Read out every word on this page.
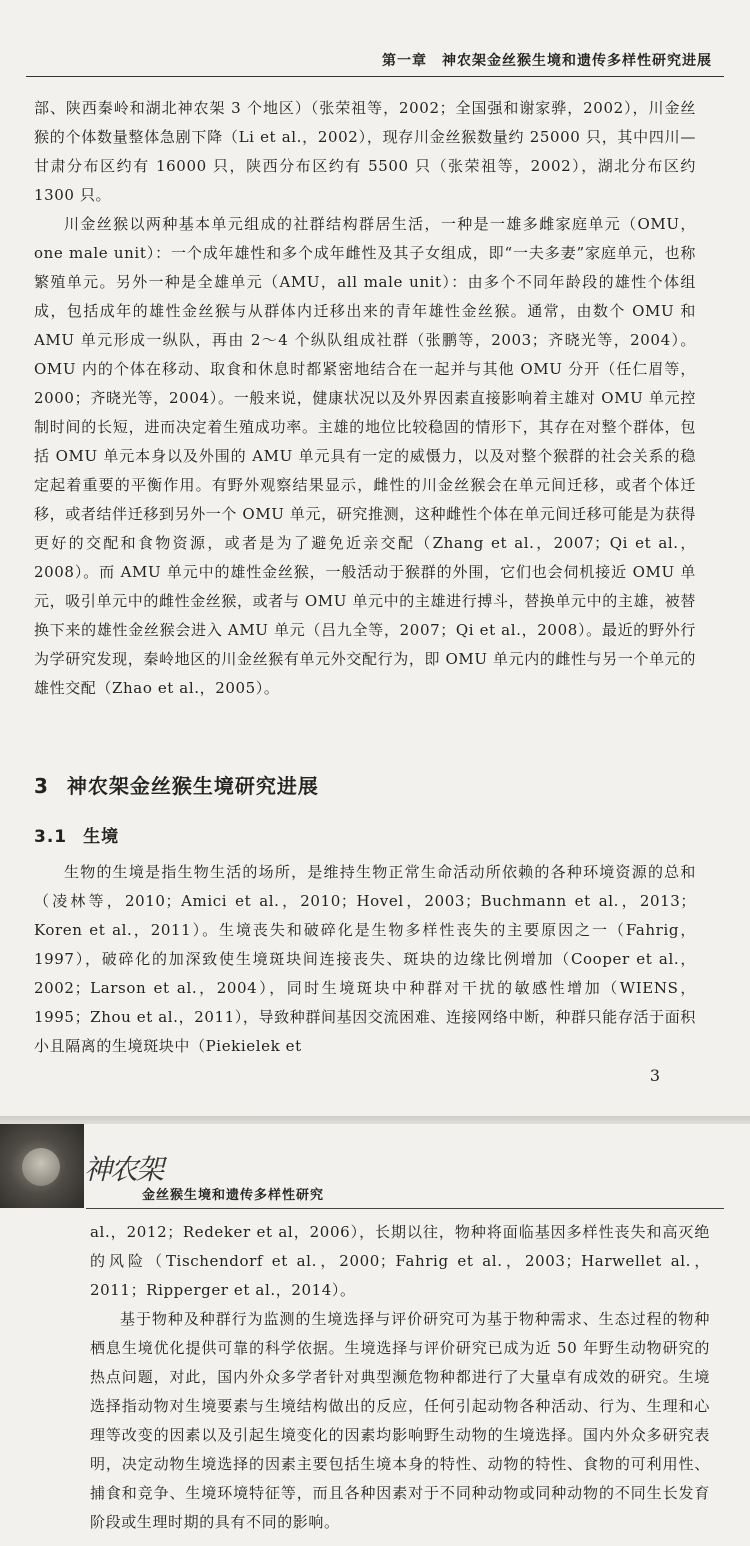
第一章　神农架金丝猴生境和遗传多样性研究进展

部、陕西秦岭和湖北神农架 3 个地区）（张荣祖等，2002；全国强和谢家骅，2002），川金丝猴的个体数量整体急剧下降（Li et al.，2002），现存川金丝猴数量约 25000 只，其中四川—甘肃分布区约有 16000 只，陕西分布区约有 5500 只（张荣祖等，2002），湖北分布区约 1300 只。

川金丝猴以两种基本单元组成的社群结构群居生活，一种是一雄多雌家庭单元（OMU，one male unit）：一个成年雄性和多个成年雌性及其子女组成，即“一夫多妻”家庭单元，也称繁殖单元。另外一种是全雄单元（AMU，all male unit）：由多个不同年龄段的雄性个体组成，包括成年的雄性金丝猴与从群体内迁移出来的青年雄性金丝猴。通常，由数个 OMU 和 AMU 单元形成一纵队，再由 2～4 个纵队组成社群（张鹏等，2003；齐晓光等，2004）。OMU 内的个体在移动、取食和休息时都紧密地结合在一起并与其他 OMU 分开（任仁眉等，2000；齐晓光等，2004）。一般来说，健康状况以及外界因素直接影响着主雄对 OMU 单元控制时间的长短，进而决定着生殖成功率。主雄的地位比较稳固的情形下，其存在对整个群体，包括 OMU 单元本身以及外围的 AMU 单元具有一定的威慑力，以及对整个猴群的社会关系的稳定起着重要的平衡作用。有野外观察结果显示，雌性的川金丝猴会在单元间迁移，或者个体迁移，或者结伴迁移到另外一个 OMU 单元，研究推测，这种雌性个体在单元间迁移可能是为获得更好的交配和食物资源，或者是为了避免近亲交配（Zhang et al.，2007；Qi et al.，2008）。而 AMU 单元中的雄性金丝猴，一般活动于猴群的外围，它们也会伺机接近 OMU 单元，吸引单元中的雌性金丝猴，或者与 OMU 单元中的主雄进行搏斗，替换单元中的主雄，被替换下来的雄性金丝猴会进入 AMU 单元（吕九全等，2007；Qi et al.，2008）。最近的野外行为学研究发现，秦岭地区的川金丝猴有单元外交配行为，即 OMU 单元内的雌性与另一个单元的雄性交配（Zhao et al.，2005）。

3 神农架金丝猴生境研究进展
3.1 生境
生物的生境是指生物生活的场所，是维持生物正常生命活动所依赖的各种环境资源的总和（凌林等，2010；Amici et al.，2010；Hovel，2003；Buchmann et al.，2013；Koren et al.，2011）。生境丧失和破碎化是生物多样性丧失的主要原因之一（Fahrig，1997），破碎化的加深致使生境斑块间连接丧失、斑块的边缘比例增加（Cooper et al.，2002；Larson et al.，2004），同时生境斑块中种群对干扰的敏感性增加（WIENS，1995；Zhou et al.，2011），导致种群间基因交流困难、连接网络中断，种群只能存活于面积小且隔离的生境斑块中（Piekielek et
3
神农架
金丝猴生境和遗传多样性研究

al.，2012；Redeker et al，2006），长期以往，物种将面临基因多样性丧失和高灭绝的风险（Tischendorf et al.，2000；Fahrig et al.，2003；Harwellet al.，2011；Ripperger et al.，2014）。

基于物种及种群行为监测的生境选择与评价研究可为基于物种需求、生态过程的物种栖息生境优化提供可靠的科学依据。生境选择与评价研究已成为近 50 年野生动物研究的热点问题，对此，国内外众多学者针对典型濒危物种都进行了大量卓有成效的研究。生境选择指动物对生境要素与生境结构做出的反应，任何引起动物各种活动、行为、生理和心理等改变的因素以及引起生境变化的因素均影响野生动物的生境选择。国内外众多研究表明，决定动物生境选择的因素主要包括生境本身的特性、动物的特性、食物的可利用性、捕食和竞争、生境环境特征等，而且各种因素对于不同种动物或同种动物的不同生长发育阶段或生理时期的具有不同的影响。
